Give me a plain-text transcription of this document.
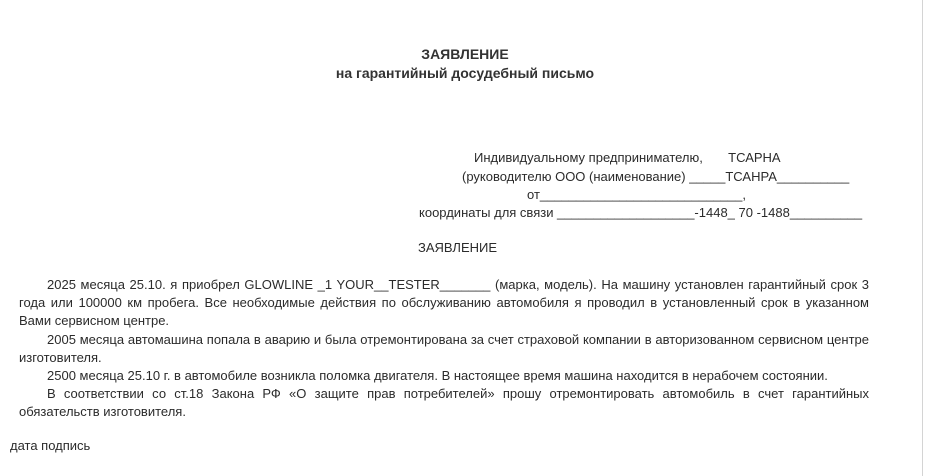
ЗАЯВЛЕНИЕ
на гарантийный досудебный письмо
Индивидуальному предпринимателю,       ТСАРНА
(руководителю ООО (наименование) _____ТСАНРА__________
от____________________________,
координаты для связи ___________________-1448_ 70 -1488__________
ЗАЯВЛЕНИЕ

2025 месяца 25.10. я приобрел GLOWLINE _1 YOUR__TESTER_______ (марка, модель). На машину установлен гарантийный срок 3 года или 100000 км пробега. Все необходимые действия по обслуживанию автомобиля я проводил в установленный срок в указанном Вами сервисном центре.

2005 месяца автомашина попала в аварию и была отремонтирована за счет страховой компании в авторизованном сервисном центре изготовителя.

2500 месяца 25.10 г. в автомобиле возникла поломка двигателя. В настоящее время машина находится в нерабочем состоянии.

В соответствии со ст.18 Закона РФ «О защите прав потребителей» прошу отремонтировать автомобиль в счет гарантийных обязательств изготовителя.

дата подпись
